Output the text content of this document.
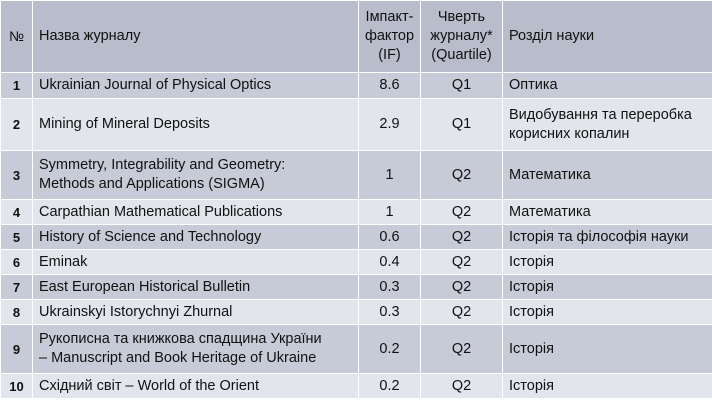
№	Назва журналу	Імпакт-
фактор
(IF)	Чверть
журналу*
(Quartile)	Розділ науки
1	Ukrainian Journal of Physical Optics	8.6	Q1	Оптика
2	Mining of Mineral Deposits	2.9	Q1	Видобування та переробка
корисних копалин
3	Symmetry, Integrability and Geometry:
Methods and Applications (SIGMA)	1	Q2	Математика
4	Carpathian Mathematical Publications	1	Q2	Математика
5	History of Science and Technology	0.6	Q2	Історія та філософія науки
6	Eminak	0.4	Q2	Історія
7	East European Historical Bulletin	0.3	Q2	Історія
8	Ukrainskyi Istorychnyi Zhurnal	0.3	Q2	Історія
9	Рукописна та книжкова спадщина України
– Manuscript and Book Heritage of Ukraine	0.2	Q2	Історія
10	Східний світ – World of the Orient	0.2	Q2	Історія
